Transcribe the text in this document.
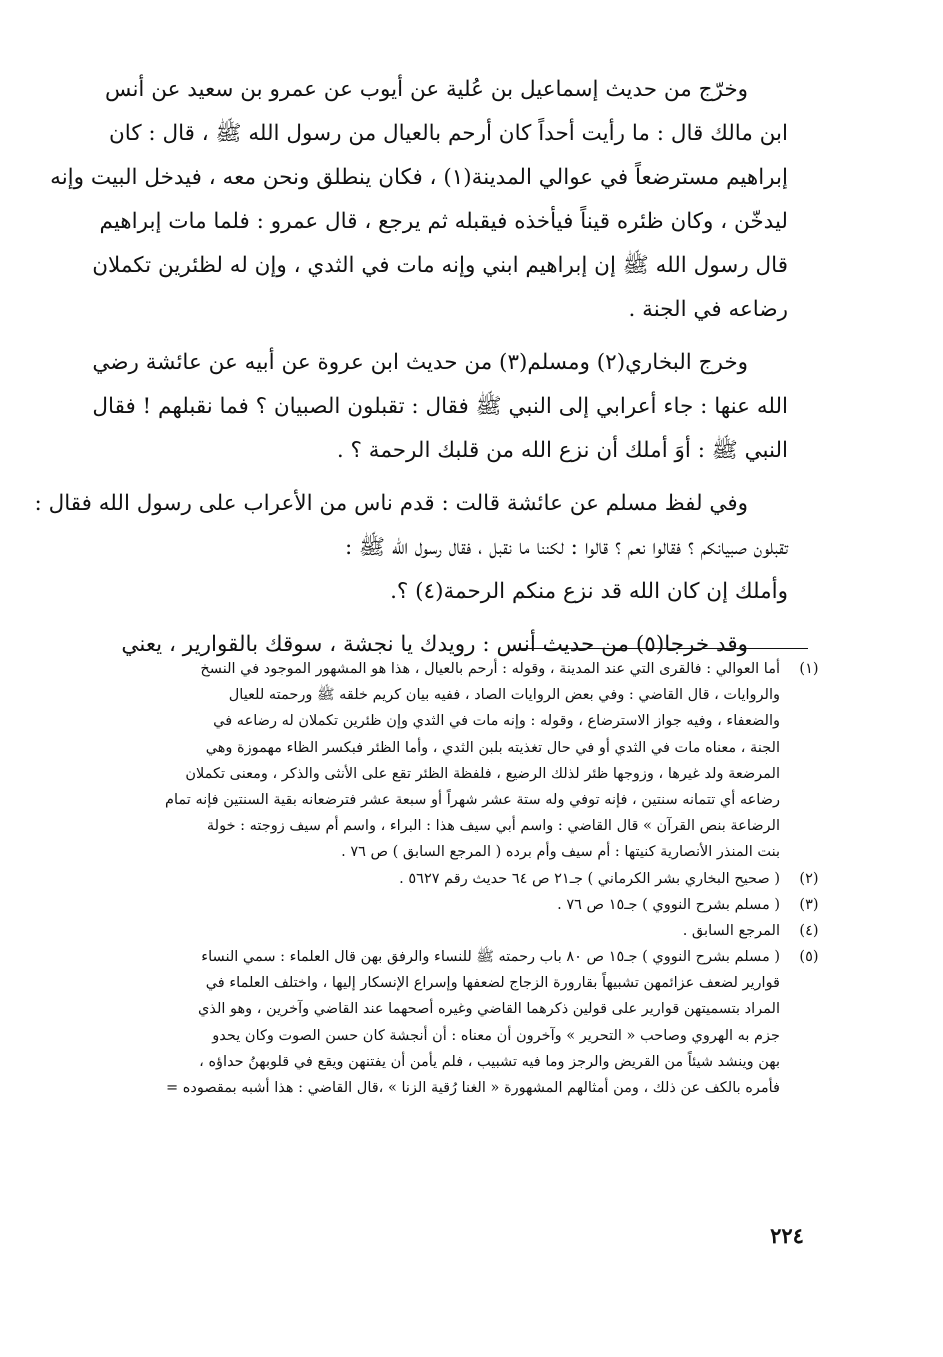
وخرّج من حديث إسماعيل بن عُلية عن أيوب عن عمرو بن سعيد عن أنس
ابن مالك قال : ما رأيت أحداً كان أرحم بالعيال من رسول الله ﷺ ، قال : كان
إبراهيم مسترضعاً في عوالي المدينة(١) ، فكان ينطلق ونحن معه ، فيدخل البيت وإنه
ليدخّن ، وكان ظئره قيناً فيأخذه فيقبله ثم يرجع ، قال عمرو : فلما مات إبراهيم
قال رسول الله ﷺ إن إبراهيم ابني وإنه مات في الثدي ، وإن له لظئرين تكملان
رضاعه في الجنة .

وخرج البخاري(٢) ومسلم(٣) من حديث ابن عروة عن أبيه عن عائشة رضي
الله عنها : جاء أعرابي إلى النبي ﷺ فقال : تقبلون الصبيان ؟ فما نقبلهم ! فقال
النبي ﷺ : أوَ أملك أن نزع الله من قلبك الرحمة ؟ .

وفي لفظ مسلم عن عائشة قالت : قدم ناس من الأعراب على رسول الله فقال :
تقبلون صبيانكم ؟ فقالوا نعم ؟ قالوا : لكننا ما نقبل ، فقال رسول الله ﷺ :
وأملك إن كان الله قد نزع منكم الرحمة(٤) ؟.

وقد خرجا(٥) من حديث أنس : رويدك يا نجشة ، سوقك بالقوارير ، يعني

(١)
أما العوالي : فالقرى التي عند المدينة ، وقوله : أرحم بالعيال ، هذا هو المشهور الموجود في النسخ
والروايات ، قال القاضي : وفي بعض الروايات الصاد ، ففيه بيان كريم خلقه ﷺ ورحمته للعيال
والضعفاء ، وفيه جواز الاسترضاع ، وقوله : وإنه مات في الثدي وإن ظئرين تكملان له رضاعه في
الجنة ، معناه مات في الثدي أو في حال تغذيته بلبن الثدي ، وأما الظئر فبكسر الظاء مهموزة وهي
المرضعة ولد غيرها ، وزوجها ظئر لذلك الرضيع ، فلفظة الظئر تقع على الأنثى والذكر ، ومعنى تكملان
رضاعه أي تتمانه سنتين ، فإنه توفي وله ستة عشر شهراً أو سبعة عشر فترضعانه بقية السنتين فإنه تمام
الرضاعة بنص القرآن » قال القاضي : واسم أبي سيف هذا : البراء ، واسم أم سيف زوجته : خولة
بنت المنذر الأنصارية كنيتها : أم سيف وأم برده ( المرجع السابق ) ص ٧٦ .
(٢)
( صحيح البخاري بشر الكرماني ) جـ٢١ ص ٦٤ حديث رقم ٥٦٢٧ .
(٣)
( مسلم بشرح النووي ) جـ١٥ ص ٧٦ .
(٤)
المرجع السابق .
(٥)
( مسلم بشرح النووي ) جـ١٥ ص ٨٠ باب رحمته ﷺ للنساء والرفق بهن قال العلماء : سمي النساء
قوارير لضعف عزائمهن تشبيهاً بقارورة الزجاج لضعفها وإسراع الإنسكار إليها ، واختلف العلماء في
المراد بتسميتهن قوارير على قولين ذكرهما القاضي وغيره أصحهما عند القاضي وآخرين ، وهو الذي
جزم به الهروي وصاحب « التحرير » وآخرون أن معناه : أن أنجشة كان حسن الصوت وكان يحدو
بهن وينشد شيئاً من القريض والرجز وما فيه تشبيب ، فلم يأمن أن يفتنهن ويقع في قلوبهنُ حداؤه ،
فأمره بالكف عن ذلك ، ومن أمثالهم المشهورة « الغنا رُقية الزنا » ،قال القاضي : هذا أشبه بمقصوده =
٢٢٤
